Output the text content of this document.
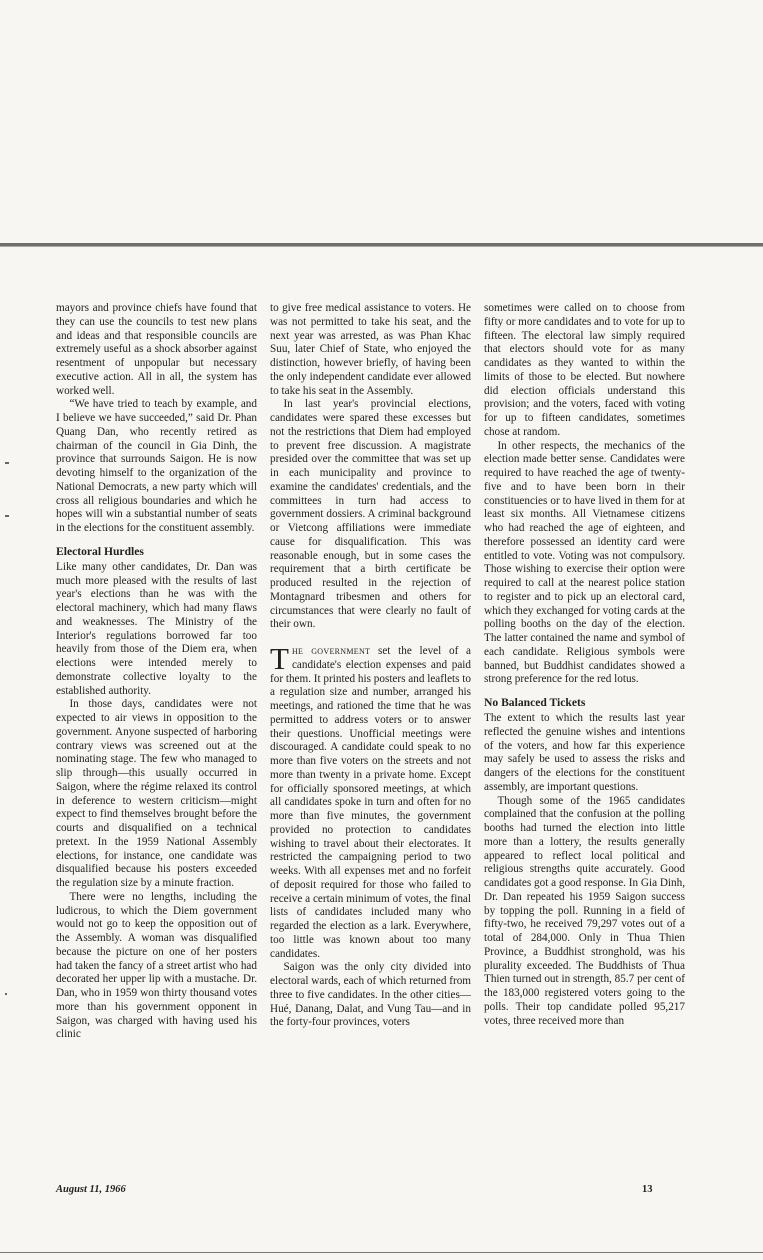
mayors and province chiefs have found that they can use the councils to test new plans and ideas and that responsible councils are extremely useful as a shock absorber against resentment of unpopular but necessary executive action. All in all, the system has worked well.

“We have tried to teach by example, and I believe we have succeeded,” said Dr. Phan Quang Dan, who recently retired as chairman of the council in Gia Dinh, the province that surrounds Saigon. He is now devoting himself to the organization of the National Democrats, a new party which will cross all religious boundaries and which he hopes will win a substantial number of seats in the elections for the constituent assembly.

Electoral Hurdles

Like many other candidates, Dr. Dan was much more pleased with the results of last year's elections than he was with the electoral machinery, which had many flaws and weaknesses. The Ministry of the Interior's regulations borrowed far too heavily from those of the Diem era, when elections were intended merely to demonstrate collective loyalty to the established authority.

In those days, candidates were not expected to air views in opposition to the government. Anyone suspected of harboring contrary views was screened out at the nominating stage. The few who managed to slip through—this usually occurred in Saigon, where the régime relaxed its control in deference to western criticism—might expect to find themselves brought before the courts and disqualified on a technical pretext. In the 1959 National Assembly elections, for instance, one candidate was disqualified because his posters exceeded the regulation size by a minute fraction.

There were no lengths, including the ludicrous, to which the Diem government would not go to keep the opposition out of the Assembly. A woman was disqualified because the picture on one of her posters had taken the fancy of a street artist who had decorated her upper lip with a mustache. Dr. Dan, who in 1959 won thirty thousand votes more than his government opponent in Saigon, was charged with having used his clinic

to give free medical assistance to voters. He was not permitted to take his seat, and the next year was arrested, as was Phan Khac Suu, later Chief of State, who enjoyed the distinction, however briefly, of having been the only independent candidate ever allowed to take his seat in the Assembly.

In last year's provincial elections, candidates were spared these excesses but not the restrictions that Diem had employed to prevent free discussion. A magistrate presided over the committee that was set up in each municipality and province to examine the candidates' credentials, and the committees in turn had access to government dossiers. A criminal background or Vietcong affiliations were immediate cause for disqualification. This was reasonable enough, but in some cases the requirement that a birth certificate be produced resulted in the rejection of Montagnard tribesmen and others for circumstances that were clearly no fault of their own.

The government set the level of a candidate's election expenses and paid for them. It printed his posters and leaflets to a regulation size and number, arranged his meetings, and rationed the time that he was permitted to address voters or to answer their questions. Unofficial meetings were discouraged. A candidate could speak to no more than five voters on the streets and not more than twenty in a private home. Except for officially sponsored meetings, at which all candidates spoke in turn and often for no more than five minutes, the government provided no protection to candidates wishing to travel about their electorates. It restricted the campaigning period to two weeks. With all expenses met and no forfeit of deposit required for those who failed to receive a certain minimum of votes, the final lists of candidates included many who regarded the election as a lark. Everywhere, too little was known about too many candidates.

Saigon was the only city divided into electoral wards, each of which returned from three to five candidates. In the other cities—Hué, Danang, Dalat, and Vung Tau—and in the forty-four provinces, voters

sometimes were called on to choose from fifty or more candidates and to vote for up to fifteen. The electoral law simply required that electors should vote for as many candidates as they wanted to within the limits of those to be elected. But nowhere did election officials understand this provision; and the voters, faced with voting for up to fifteen candidates, sometimes chose at random.

In other respects, the mechanics of the election made better sense. Candidates were required to have reached the age of twenty-five and to have been born in their constituencies or to have lived in them for at least six months. All Vietnamese citizens who had reached the age of eighteen, and therefore possessed an identity card were entitled to vote. Voting was not compulsory. Those wishing to exercise their option were required to call at the nearest police station to register and to pick up an electoral card, which they exchanged for voting cards at the polling booths on the day of the election. The latter contained the name and symbol of each candidate. Religious symbols were banned, but Buddhist candidates showed a strong preference for the red lotus.

No Balanced Tickets

The extent to which the results last year reflected the genuine wishes and intentions of the voters, and how far this experience may safely be used to assess the risks and dangers of the elections for the constituent assembly, are important questions.

Though some of the 1965 candidates complained that the confusion at the polling booths had turned the election into little more than a lottery, the results generally appeared to reflect local political and religious strengths quite accurately. Good candidates got a good response. In Gia Dinh, Dr. Dan repeated his 1959 Saigon success by topping the poll. Running in a field of fifty-two, he received 79,297 votes out of a total of 284,000. Only in Thua Thien Province, a Buddhist stronghold, was his plurality exceeded. The Buddhists of Thua Thien turned out in strength, 85.7 per cent of the 183,000 registered voters going to the polls. Their top candidate polled 95,217 votes, three received more than

August 11, 1966	13
